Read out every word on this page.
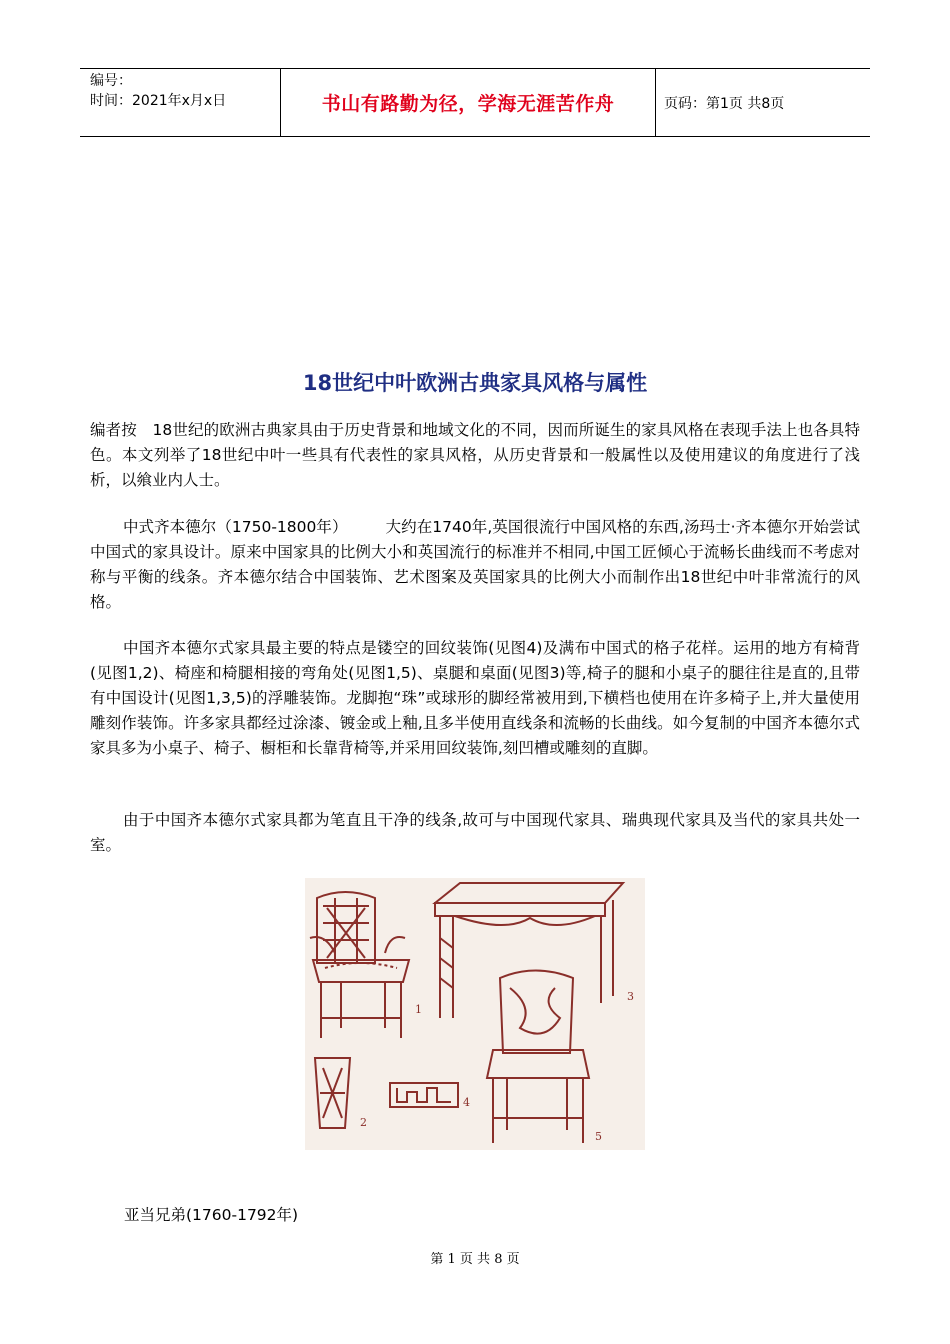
编号：
时间：2021年x月x日	书山有路勤为径，学海无涯苦作舟	页码：第1页 共8页
18世纪中叶欧洲古典家具风格与属性
编者按　18世纪的欧洲古典家具由于历史背景和地域文化的不同，因而所诞生的家具风格在表现手法上也各具特色。本文列举了18世纪中叶一些具有代表性的家具风格，从历史背景和一般属性以及使用建议的角度进行了浅析，以飨业内人士。
中式齐本德尔（1750-1800年） 大约在1740年,英国很流行中国风格的东西,汤玛士·齐本德尔开始尝试中国式的家具设计。原来中国家具的比例大小和英国流行的标准并不相同,中国工匠倾心于流畅长曲线而不考虑对称与平衡的线条。齐本德尔结合中国装饰、艺术图案及英国家具的比例大小而制作出18世纪中叶非常流行的风格。
中国齐本德尔式家具最主要的特点是镂空的回纹装饰(见图4)及满布中国式的格子花样。运用的地方有椅背(见图1,2)、椅座和椅腿相接的弯角处(见图1,5)、桌腿和桌面(见图3)等,椅子的腿和小桌子的腿往往是直的,且带有中国设计(见图1,3,5)的浮雕装饰。龙脚抱“珠”或球形的脚经常被用到,下横档也使用在许多椅子上,并大量使用雕刻作装饰。许多家具都经过涂漆、镀金或上釉,且多半使用直线条和流畅的长曲线。如今复制的中国齐本德尔式家具多为小桌子、椅子、橱柜和长靠背椅等,并采用回纹装饰,刻凹槽或雕刻的直脚。
由于中国齐本德尔式家具都为笔直且干净的线条,故可与中国现代家具、瑞典现代家具及当代的家具共处一室。
1
2
3
4
5
亚当兄弟(1760-1792年)
第 1 页 共 8 页
